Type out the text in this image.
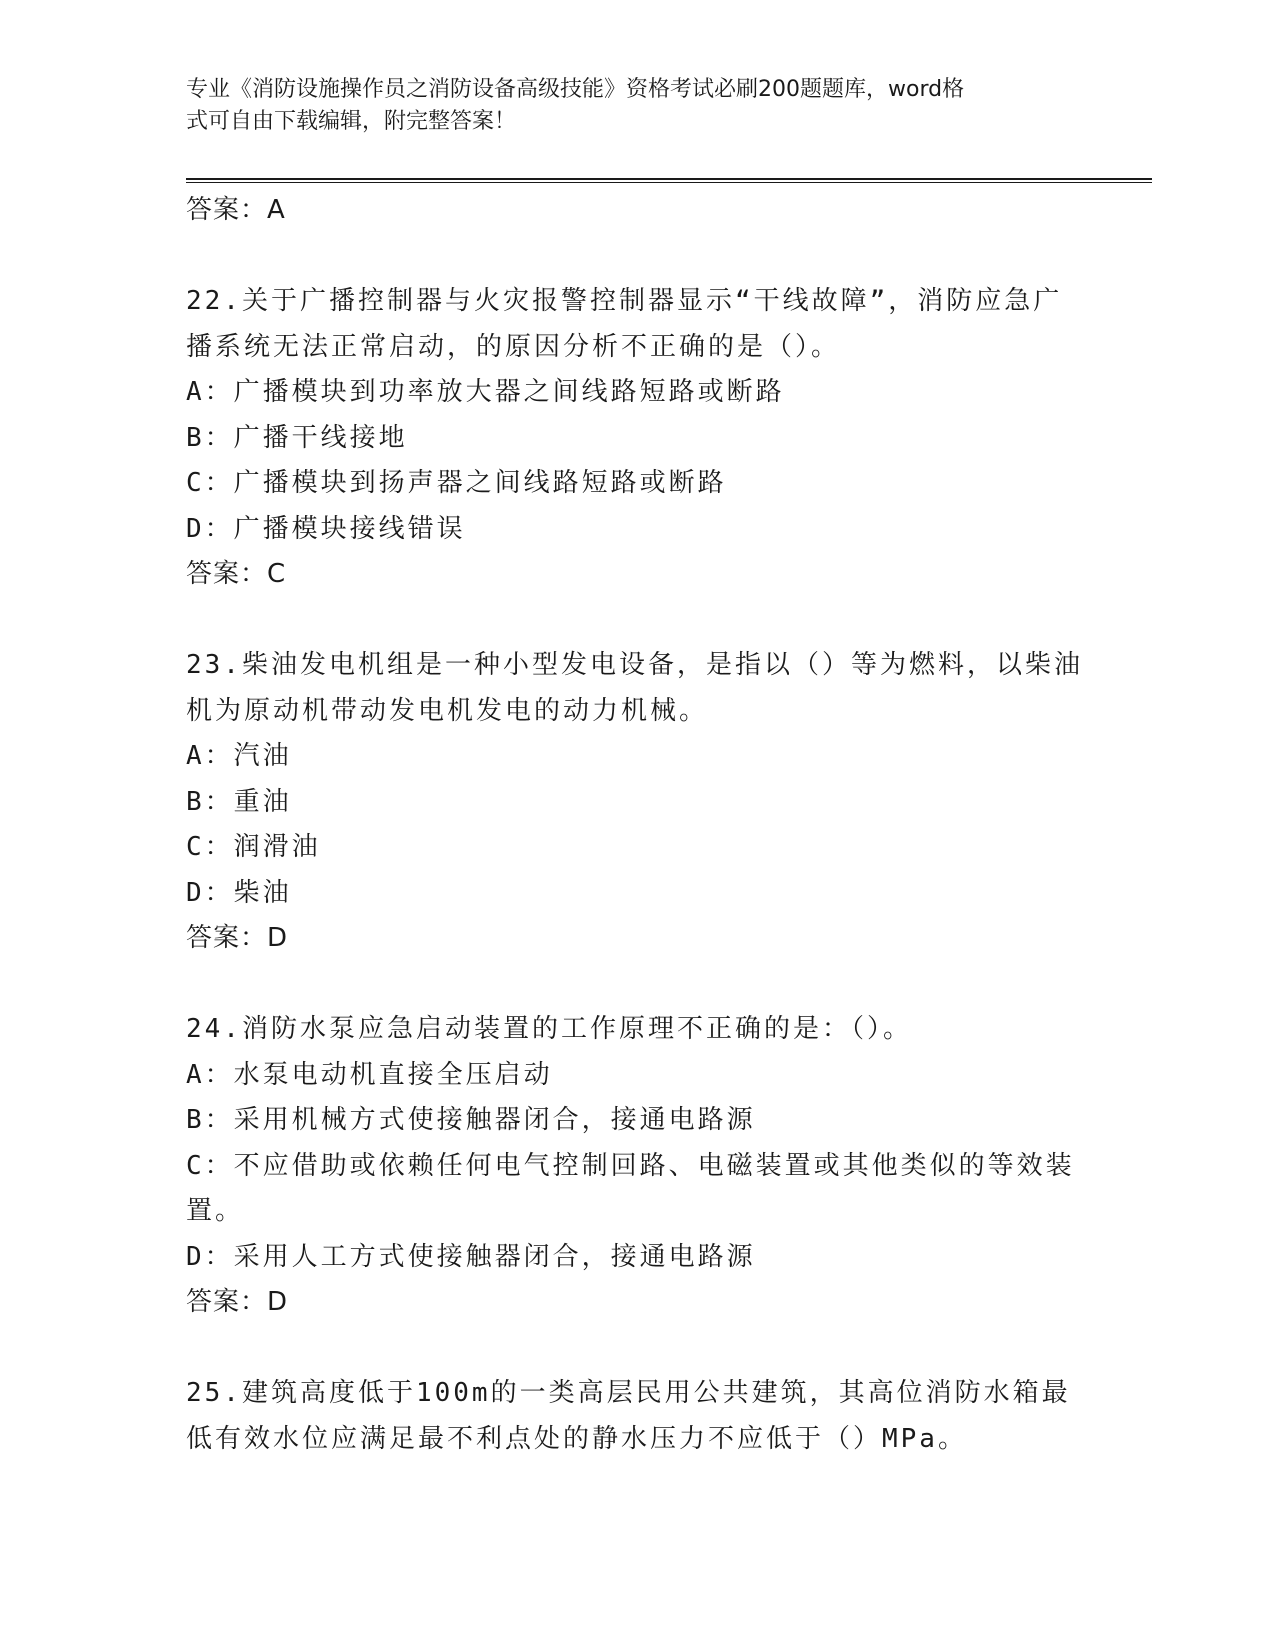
专业《消防设施操作员之消防设备高级技能》资格考试必刷200题题库，word格
式可自由下载编辑，附完整答案！
答案：A
22.关于广播控制器与火灾报警控制器显示“干线故障”，消防应急广
播系统无法正常启动，的原因分析不正确的是（）。
A：广播模块到功率放大器之间线路短路或断路
B：广播干线接地
C：广播模块到扬声器之间线路短路或断路
D：广播模块接线错误
答案：C
23.柴油发电机组是一种小型发电设备，是指以（）等为燃料，以柴油
机为原动机带动发电机发电的动力机械。
A：汽油
B：重油
C：润滑油
D：柴油
答案：D
24.消防水泵应急启动装置的工作原理不正确的是：（）。
A：水泵电动机直接全压启动
B：采用机械方式使接触器闭合，接通电路源
C：不应借助或依赖任何电气控制回路、电磁装置或其他类似的等效装
置。
D：采用人工方式使接触器闭合，接通电路源
答案：D
25.建筑高度低于100m的一类高层民用公共建筑，其高位消防水箱最
低有效水位应满足最不利点处的静水压力不应低于（）MPa。
